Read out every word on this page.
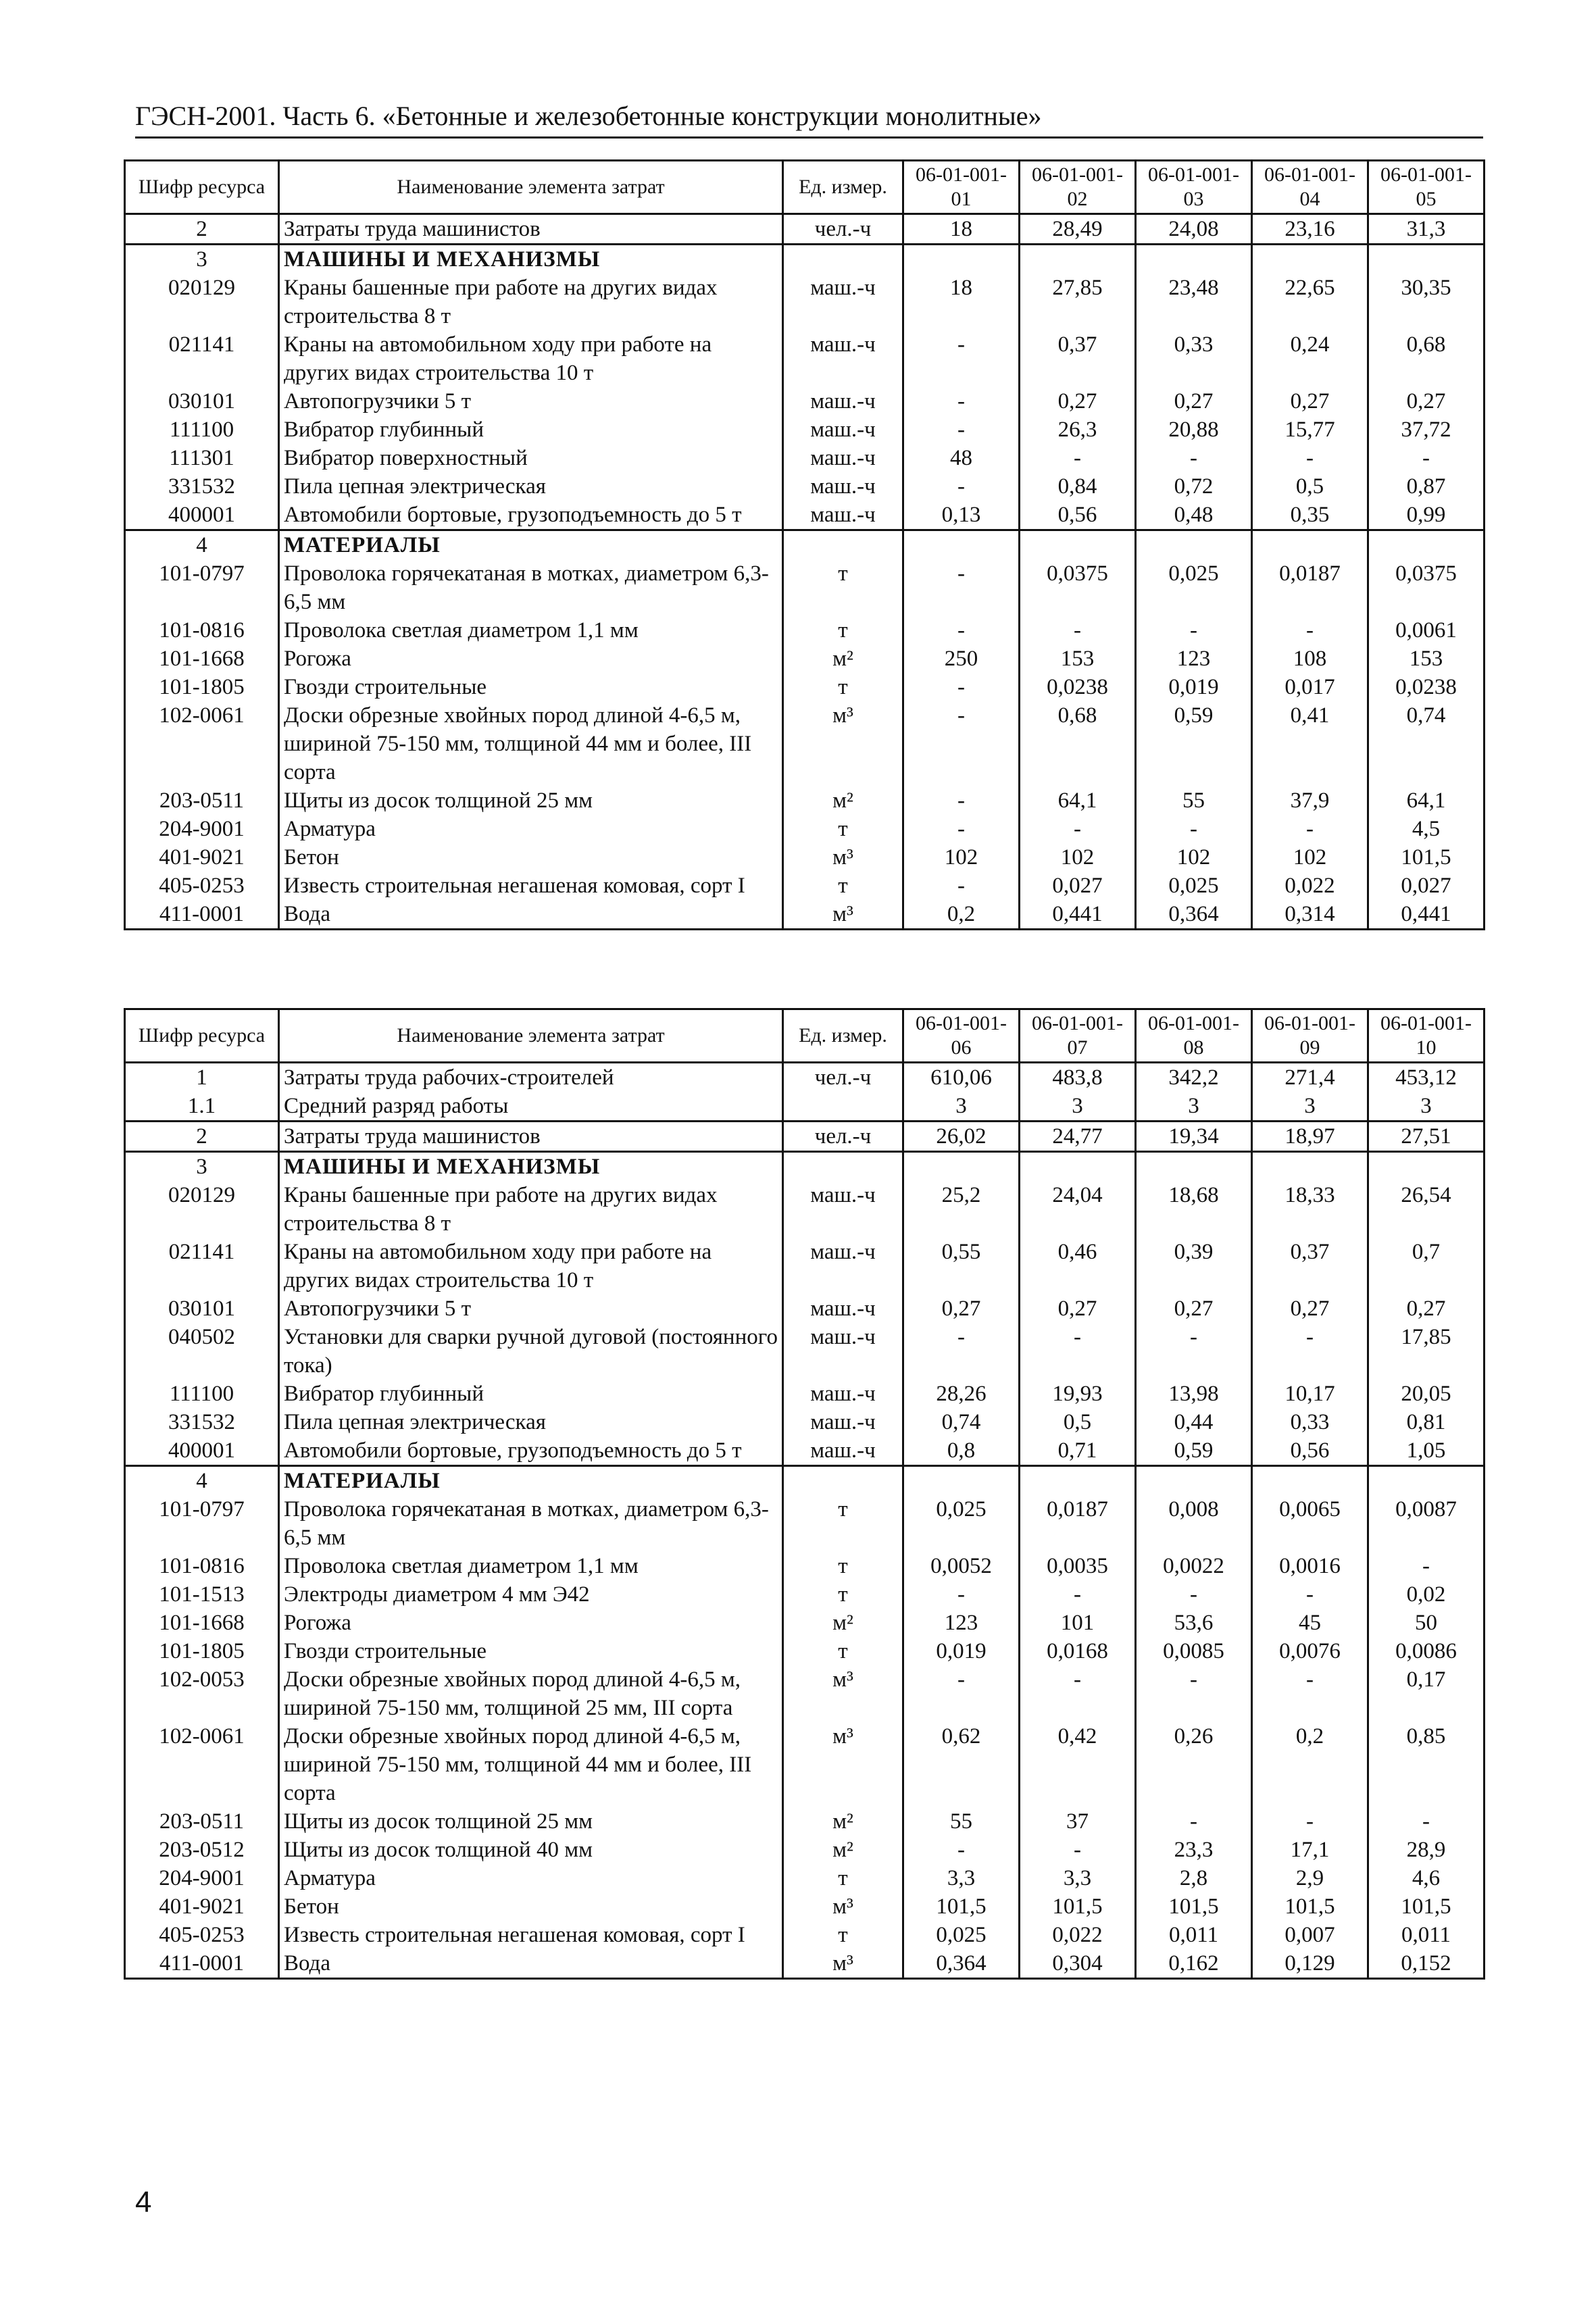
ГЭСН-2001. Часть 6. «Бетонные и железобетонные конструкции монолитные»
Шифр ресурса	Наименование элемента затрат	Ед. измер.	06-01-001-01	06-01-001-02	06-01-001-03	06-01-001-04	06-01-001-05
2	Затраты труда машинистов	чел.-ч	18	28,49	24,08	23,16	31,3
3	МАШИНЫ И МЕХАНИЗМЫ						
020129	Краны башенные при работе на других видах строительства 8 т	маш.-ч	18	27,85	23,48	22,65	30,35
021141	Краны на автомобильном ходу при работе на других видах строительства 10 т	маш.-ч	-	0,37	0,33	0,24	0,68
030101	Автопогрузчики 5 т	маш.-ч	-	0,27	0,27	0,27	0,27
111100	Вибратор глубинный	маш.-ч	-	26,3	20,88	15,77	37,72
111301	Вибратор поверхностный	маш.-ч	48	-	-	-	-
331532	Пила цепная электрическая	маш.-ч	-	0,84	0,72	0,5	0,87
400001	Автомобили бортовые, грузоподъемность до 5 т	маш.-ч	0,13	0,56	0,48	0,35	0,99
4	МАТЕРИАЛЫ						
101-0797	Проволока горячекатаная в мотках, диаметром 6,3-6,5 мм	т	-	0,0375	0,025	0,0187	0,0375
101-0816	Проволока светлая диаметром 1,1 мм	т	-	-	-	-	0,0061
101-1668	Рогожа	м²	250	153	123	108	153
101-1805	Гвозди строительные	т	-	0,0238	0,019	0,017	0,0238
102-0061	Доски обрезные хвойных пород длиной 4-6,5 м, шириной 75-150 мм, толщиной 44 мм и более, III сорта	м³	-	0,68	0,59	0,41	0,74
203-0511	Щиты из досок толщиной 25 мм	м²	-	64,1	55	37,9	64,1
204-9001	Арматура	т	-	-	-	-	4,5
401-9021	Бетон	м³	102	102	102	102	101,5
405-0253	Известь строительная негашеная комовая, сорт I	т	-	0,027	0,025	0,022	0,027
411-0001	Вода	м³	0,2	0,441	0,364	0,314	0,441
Шифр ресурса	Наименование элемента затрат	Ед. измер.	06-01-001-06	06-01-001-07	06-01-001-08	06-01-001-09	06-01-001-10
1	Затраты труда рабочих-строителей	чел.-ч	610,06	483,8	342,2	271,4	453,12
1.1	Средний разряд работы		3	3	3	3	3
2	Затраты труда машинистов	чел.-ч	26,02	24,77	19,34	18,97	27,51
3	МАШИНЫ И МЕХАНИЗМЫ						
020129	Краны башенные при работе на других видах строительства 8 т	маш.-ч	25,2	24,04	18,68	18,33	26,54
021141	Краны на автомобильном ходу при работе на других видах строительства 10 т	маш.-ч	0,55	0,46	0,39	0,37	0,7
030101	Автопогрузчики 5 т	маш.-ч	0,27	0,27	0,27	0,27	0,27
040502	Установки для сварки ручной дуговой (постоянного тока)	маш.-ч	-	-	-	-	17,85
111100	Вибратор глубинный	маш.-ч	28,26	19,93	13,98	10,17	20,05
331532	Пила цепная электрическая	маш.-ч	0,74	0,5	0,44	0,33	0,81
400001	Автомобили бортовые, грузоподъемность до 5 т	маш.-ч	0,8	0,71	0,59	0,56	1,05
4	МАТЕРИАЛЫ						
101-0797	Проволока горячекатаная в мотках, диаметром 6,3-6,5 мм	т	0,025	0,0187	0,008	0,0065	0,0087
101-0816	Проволока светлая диаметром 1,1 мм	т	0,0052	0,0035	0,0022	0,0016	-
101-1513	Электроды диаметром 4 мм Э42	т	-	-	-	-	0,02
101-1668	Рогожа	м²	123	101	53,6	45	50
101-1805	Гвозди строительные	т	0,019	0,0168	0,0085	0,0076	0,0086
102-0053	Доски обрезные хвойных пород длиной 4-6,5 м, шириной 75-150 мм, толщиной 25 мм, III сорта	м³	-	-	-	-	0,17
102-0061	Доски обрезные хвойных пород длиной 4-6,5 м, шириной 75-150 мм, толщиной 44 мм и более, III сорта	м³	0,62	0,42	0,26	0,2	0,85
203-0511	Щиты из досок толщиной 25 мм	м²	55	37	-	-	-
203-0512	Щиты из досок толщиной 40 мм	м²	-	-	23,3	17,1	28,9
204-9001	Арматура	т	3,3	3,3	2,8	2,9	4,6
401-9021	Бетон	м³	101,5	101,5	101,5	101,5	101,5
405-0253	Известь строительная негашеная комовая, сорт I	т	0,025	0,022	0,011	0,007	0,011
411-0001	Вода	м³	0,364	0,304	0,162	0,129	0,152
4
